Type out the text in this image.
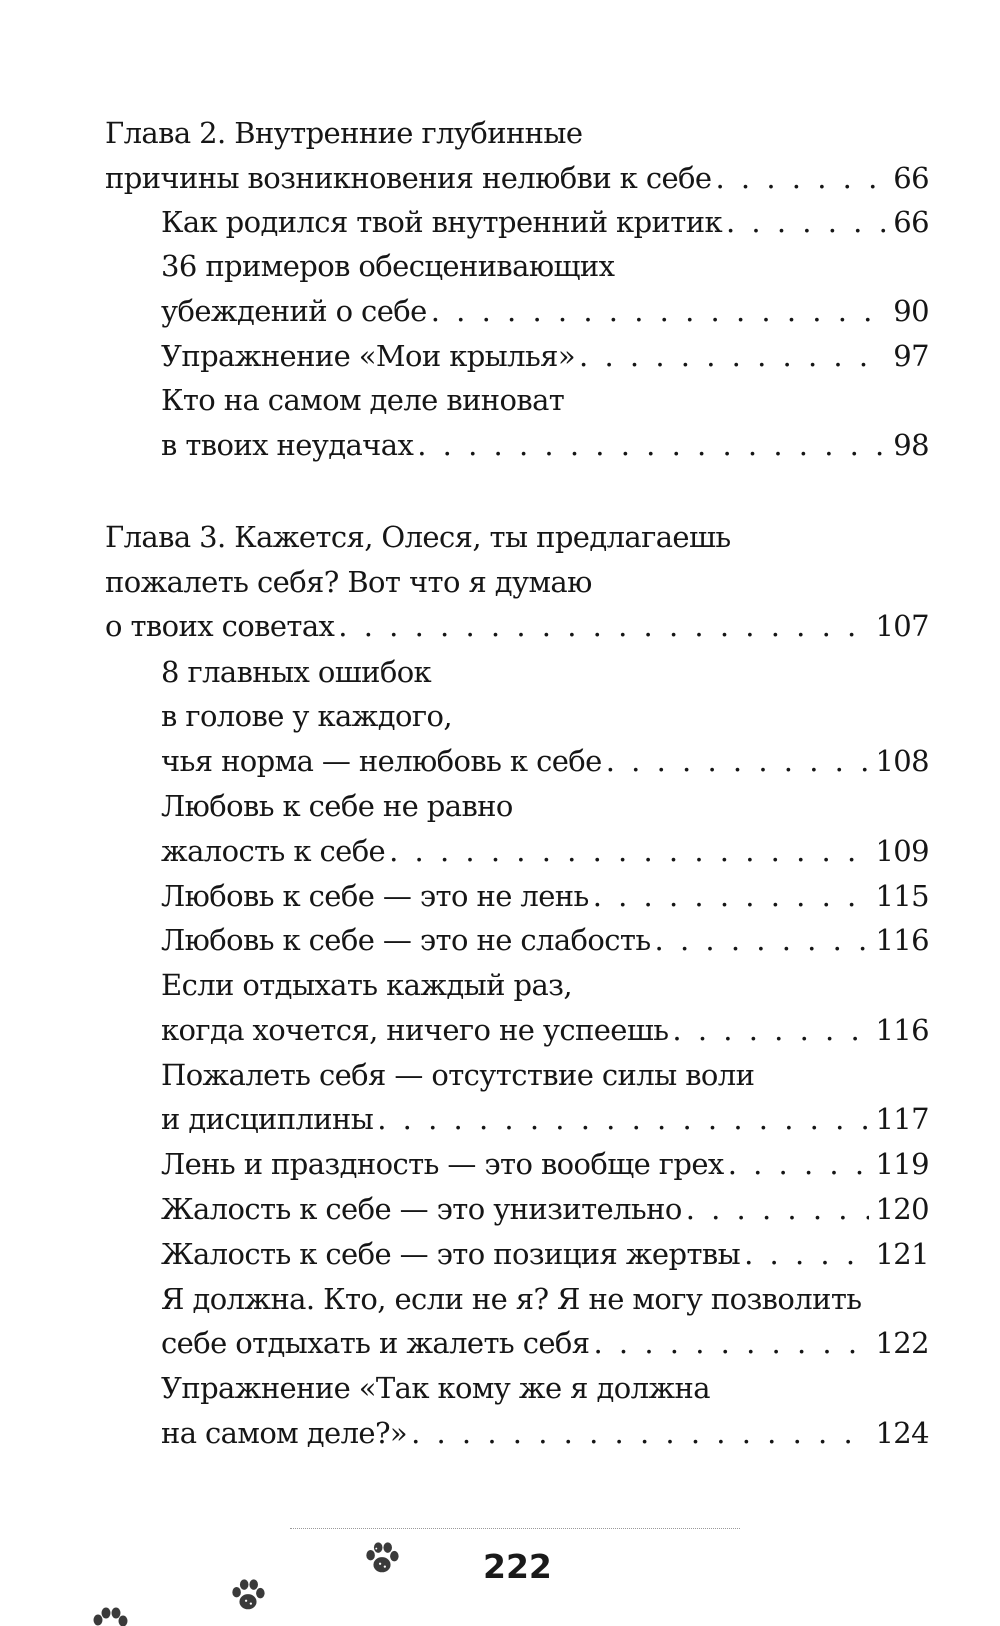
Глава 2. Внутренние глубинные
причины возникновения нелюбви к себе . . .	66
Как родился твой внутренний критик . . .	66
36 примеров обесценивающих
убеждений о себе . . .	90
Упражнение «Мои крылья» . . .	97
Кто на самом деле виноват
в твоих неудачах . . .	98
Глава 3. Кажется, Олеся, ты предлагаешь
пожалеть себя? Вот что я думаю
о твоих советах . . .	107
8 главных ошибок
в голове у каждого,
чья норма — нелюбовь к себе . . .	108
Любовь к себе не равно
жалость к себе . . .	109
Любовь к себе — это не лень . . .	115
Любовь к себе — это не слабость . . .	116
Если отдыхать каждый раз,
когда хочется, ничего не успеешь . . .	116
Пожалеть себя — отсутствие силы воли
и дисциплины . . .	117
Лень и праздность — это вообще грех . . .	119
Жалость к себе — это унизительно . . .	120
Жалость к себе — это позиция жертвы . . .	121
Я должна. Кто, если не я? Я не могу позволить
себе отдыхать и жалеть себя . . .	122
Упражнение «Так кому же я должна
на самом деле?» . . .	124
222
